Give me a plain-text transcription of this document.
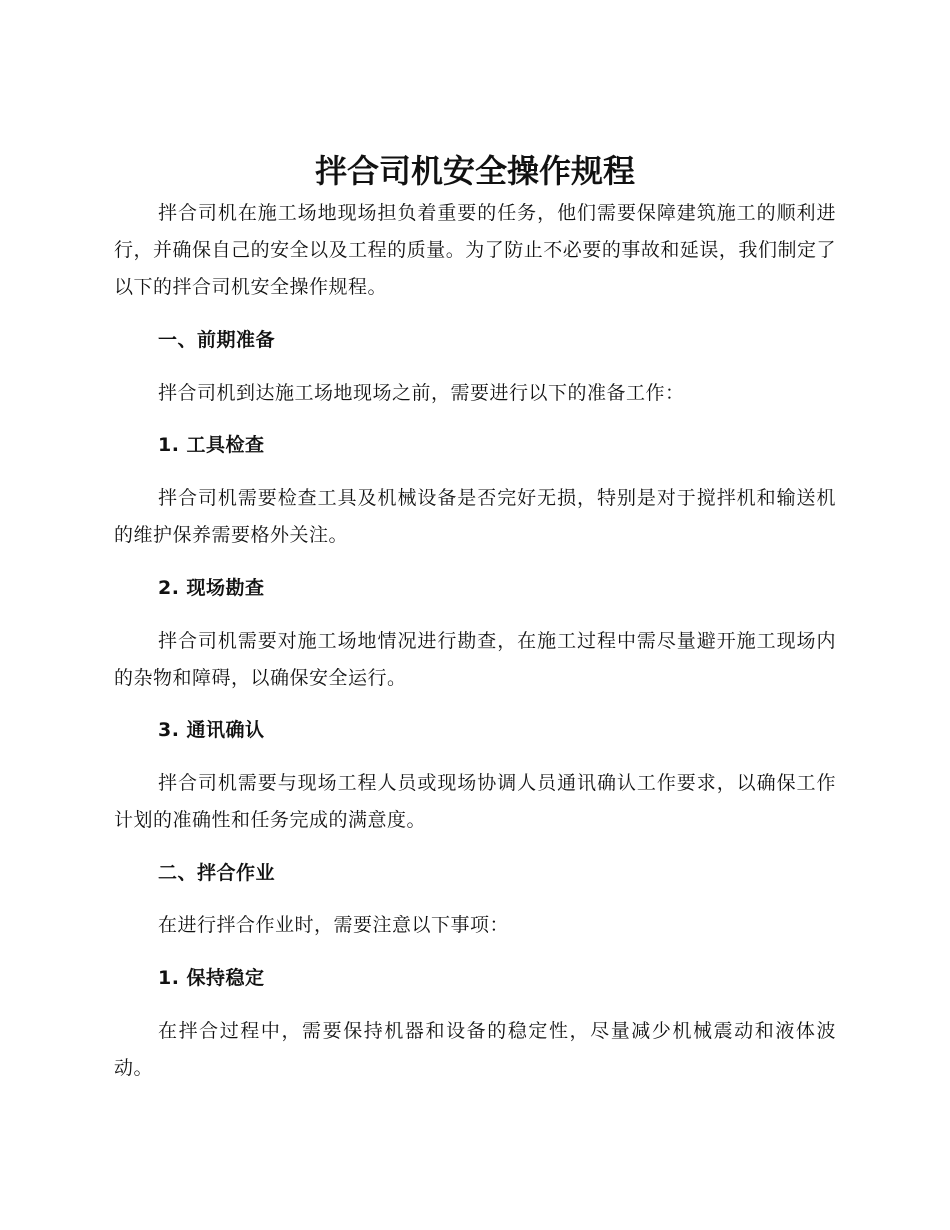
拌合司机安全操作规程

拌合司机在施工场地现场担负着重要的任务，他们需要保障建筑施工的顺利进行，并确保自己的安全以及工程的质量。为了防止不必要的事故和延误，我们制定了以下的拌合司机安全操作规程。

一、前期准备

拌合司机到达施工场地现场之前，需要进行以下的准备工作：

1. 工具检查

拌合司机需要检查工具及机械设备是否完好无损，特别是对于搅拌机和输送机的维护保养需要格外关注。

2. 现场勘查

拌合司机需要对施工场地情况进行勘查，在施工过程中需尽量避开施工现场内的杂物和障碍，以确保安全运行。

3. 通讯确认

拌合司机需要与现场工程人员或现场协调人员通讯确认工作要求，以确保工作计划的准确性和任务完成的满意度。

二、拌合作业

在进行拌合作业时，需要注意以下事项：

1. 保持稳定

在拌合过程中，需要保持机器和设备的稳定性，尽量减少机械震动和液体波动。
